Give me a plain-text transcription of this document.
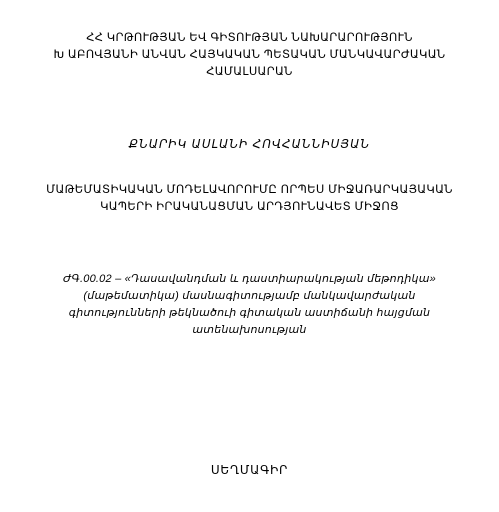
ՀՀ ԿՐԹՈՒԹՅԱՆ ԵՎ ԳԻՏՈՒԹՅԱՆ ՆԱԽԱՐԱՐՈՒԹՅՈՒՆ
Խ ԱԲՈՎՅԱՆԻ ԱՆՎԱՆ ՀԱՅԿԱԿԱՆ ՊԵՏԱԿԱՆ ՄԱՆԿԱՎԱՐԺԱԿԱՆ
ՀԱՄԱԼՍԱՐԱՆ
ՔՆԱՐԻԿ ԱՍԼԱՆԻ ՀՈՎՀԱՆՆԻՍՅԱՆ
ՄԱԹԵՄԱՏԻԿԱԿԱՆ ՄՈԴԵԼԱՎՈՐՈՒՄԸ ՈՐՊԵՍ ՄԻՋԱՌԱՐԿԱՅԱԿԱՆ
ԿԱՊԵՐԻ ԻՐԱԿԱՆԱՑՄԱՆ ԱՐԴՅՈՒՆԱՎԵՏ ՄԻՋՈՑ
ԺԳ.00.02 – «Դասավանդման և դաստիարակության մեթոդիկա»
(մաթեմատիկա) մասնագիտությամբ մանկավարժական
գիտությունների թեկնածուի գիտական աստիճանի հայցման
ատենախոսության
ՍԵՂՄԱԳԻՐ
